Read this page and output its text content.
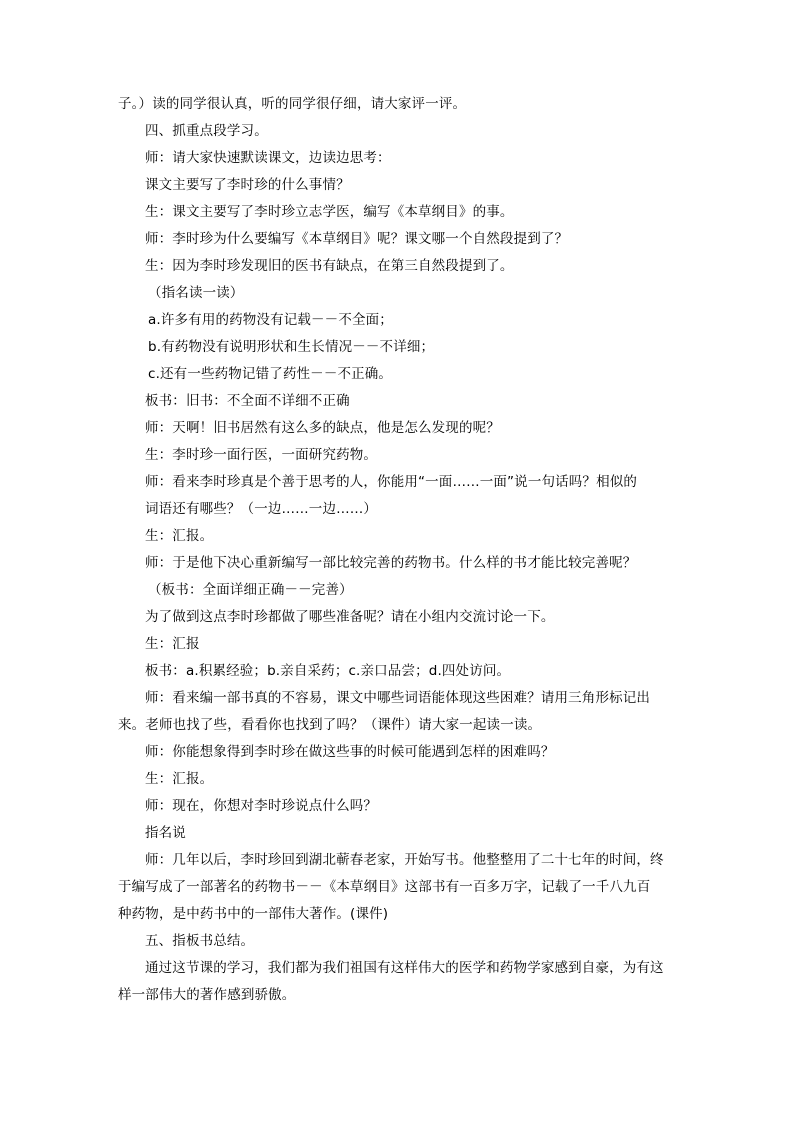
子。）读的同学很认真，听的同学很仔细，请大家评一评。
四、抓重点段学习。
师：请大家快速默读课文，边读边思考：
课文主要写了李时珍的什么事情？
生：课文主要写了李时珍立志学医，编写《本草纲目》的事。
师：李时珍为什么要编写《本草纲目》呢？课文哪一个自然段提到了？
生：因为李时珍发现旧的医书有缺点，在第三自然段提到了。
（指名读一读）
a.许多有用的药物没有记载－－不全面；
b.有药物没有说明形状和生长情况－－不详细；
c.还有一些药物记错了药性－－不正确。
板书：旧书：不全面不详细不正确
师：天啊！旧书居然有这么多的缺点，他是怎么发现的呢？
生：李时珍一面行医，一面研究药物。
师：看来李时珍真是个善于思考的人，你能用“一面……一面”说一句话吗？相似的
词语还有哪些？（一边……一边……）
生：汇报。
师：于是他下决心重新编写一部比较完善的药物书。什么样的书才能比较完善呢？
（板书：全面详细正确－－完善）
为了做到这点李时珍都做了哪些准备呢？请在小组内交流讨论一下。
生：汇报
板书：a.积累经验；b.亲自采药；c.亲口品尝；d.四处访问。
师：看来编一部书真的不容易，课文中哪些词语能体现这些困难？请用三角形标记出
来。老师也找了些，看看你也找到了吗？（课件）请大家一起读一读。
师：你能想象得到李时珍在做这些事的时候可能遇到怎样的困难吗？
生：汇报。
师：现在，你想对李时珍说点什么吗？
指名说
师：几年以后，李时珍回到湖北蕲春老家，开始写书。他整整用了二十七年的时间，终
于编写成了一部著名的药物书－－《本草纲目》这部书有一百多万字，记载了一千八九百
种药物，是中药书中的一部伟大著作。(课件)
五、指板书总结。
通过这节课的学习，我们都为我们祖国有这样伟大的医学和药物学家感到自豪，为有这
样一部伟大的著作感到骄傲。
